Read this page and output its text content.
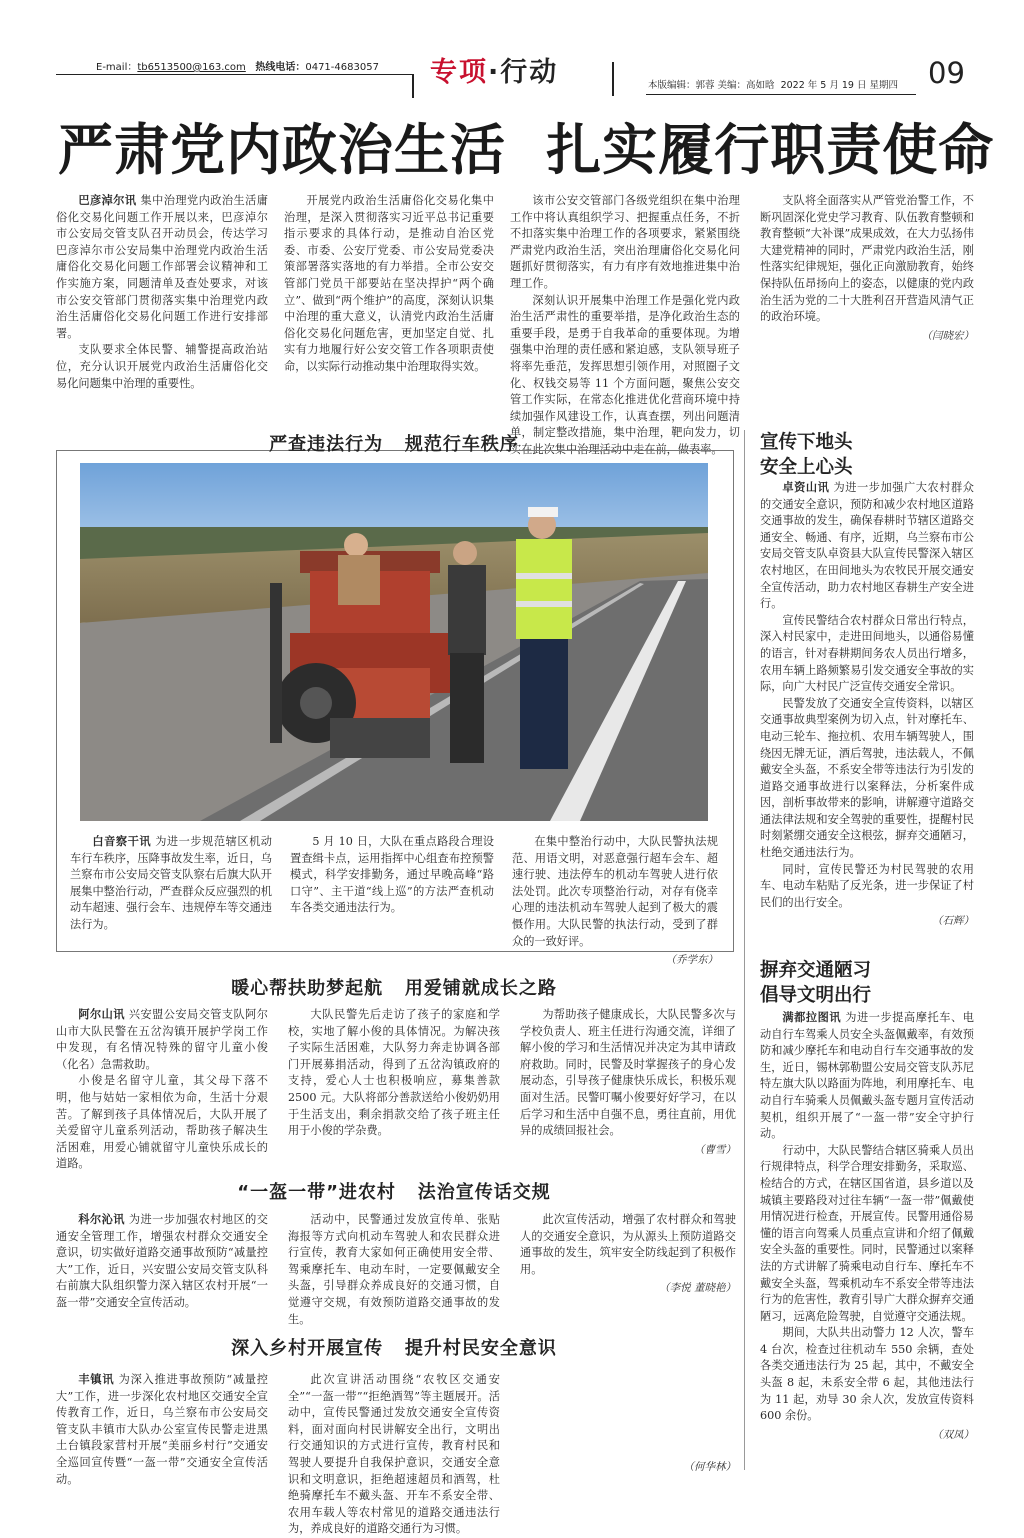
E-mail：tb6513500@163.com 热线电话：0471-4683057 专项·行动	本版编辑：郭蓉 美编：高如晗 2022 年 5 月 19 日 星期四 09
严肃党内政治生活  扎实履行职责使命

巴彦淖尔讯 集中治理党内政治生活庸俗化交易化问题工作开展以来，巴彦淖尔市公安局交管支队召开动员会，传达学习巴彦淖尔市公安局集中治理党内政治生活庸俗化交易化问题工作部署会议精神和工作实施方案，同题清单及查处要求，对该市公安交管部门贯彻落实集中治理党内政治生活庸俗化交易化问题工作进行安排部署。

支队要求全体民警、辅警提高政治站位，充分认识开展党内政治生活庸俗化交易化问题集中治理的重要性。

开展党内政治生活庸俗化交易化集中治理，是深入贯彻落实习近平总书记重要指示要求的具体行动，是推动自治区党委、市委、公安厅党委、市公安局党委决策部署落实落地的有力举措。全市公安交管部门党员干部要站在坚决捍护“两个确立”、做到“两个维护”的高度，深刻认识集中治理的重大意义，认清党内政治生活庸俗化交易化问题危害，更加坚定自觉、扎实有力地履行好公安交管工作各项职责使命，以实际行动推动集中治理取得实效。

该市公安交管部门各级党组织在集中治理工作中将认真组织学习、把握重点任务，不折不扣落实集中治理工作的各项要求，紧紧围绕严肃党内政治生活，突出治理庸俗化交易化问题抓好贯彻落实，有力有序有效地推进集中治理工作。

深刻认识开展集中治理工作是强化党内政治生活严肃性的重要举措，是净化政治生态的重要手段，是勇于自我革命的重要体现。为增强集中治理的责任感和紧迫感，支队领导班子将率先垂范，发挥思想引领作用，对照圈子文化、权钱交易等 11 个方面问题，聚焦公安交管工作实际，在常态化推进优化营商环境中持续加强作风建设工作，认真查摆，列出问题清单，制定整改措施，集中治理，靶向发力，切实在此次集中治理活动中走在前，做表率。

支队将全面落实从严管党治警工作，不断巩固深化党史学习教育、队伍教育整顿和教育整顿“大补课”成果成效，在大力弘扬伟大建党精神的同时，严肃党内政治生活，刚性落实纪律规矩，强化正向激励教育，始终保持队伍昂扬向上的姿态，以健康的党内政治生活为党的二十大胜利召开营造风清气正的政治环境。

（闫晓宏）
严查违法行为   规范行车秩序

白音察干讯 为进一步规范辖区机动车行车秩序，压降事故发生率，近日，乌兰察布市公安局交管支队察右后旗大队开展集中整治行动，严查群众反应强烈的机动车超速、强行会车、违规停车等交通违法行为。

5 月 10 日，大队在重点路段合理设置查缉卡点，运用指挥中心组查布控预警模式，科学安排勤务，通过早晚高峰“路口守”、主干道“线上巡”的方法严查机动车各类交通违法行为。

在集中整治行动中，大队民警执法规范、用语文明，对恶意强行超车会车、超速行驶、违法停车的机动车驾驶人进行依法处罚。此次专项整治行动，对存有侥幸心理的违法机动车驾驶人起到了极大的震慑作用。大队民警的执法行动，受到了群众的一致好评。

（乔学东）
宣传下地头
安全上心头

卓资山讯 为进一步加强广大农村群众的交通安全意识，预防和减少农村地区道路交通事故的发生，确保春耕时节辖区道路交通安全、畅通、有序，近期，乌兰察布市公安局交管支队卓资县大队宣传民警深入辖区农村地区，在田间地头为农牧民开展交通安全宣传活动，助力农村地区春耕生产安全进行。

宣传民警结合农村群众日常出行特点，深入村民家中，走进田间地头，以通俗易懂的语言，针对春耕期间务农人员出行增多，农用车辆上路频繁易引发交通安全事故的实际，向广大村民广泛宣传交通安全常识。

民警发放了交通安全宣传资料，以辖区交通事故典型案例为切入点，针对摩托车、电动三轮车、拖拉机、农用车辆驾驶人，围绕因无牌无证，酒后驾驶，违法载人，不佩戴安全头盔，不系安全带等违法行为引发的道路交通事故进行以案释法，分析案件成因，剖析事故带来的影响，讲解遵守道路交通法律法规和安全驾驶的重要性，提醒村民时刻紧绷交通安全这根弦，摒弃交通陋习，杜绝交通违法行为。

同时，宣传民警还为村民驾驶的农用车、电动车粘贴了反光条，进一步保证了村民们的出行安全。

（石辉）
摒弃交通陋习
倡导文明出行

满都拉图讯 为进一步提高摩托车、电动自行车驾乘人员安全头盔佩戴率，有效预防和减少摩托车和电动自行车交通事故的发生，近日，锡林郭勒盟公安局交管支队苏尼特左旗大队以路面为阵地，利用摩托车、电动自行车骑乘人员佩戴头盔专题月宣传活动契机，组织开展了“一盔一带”安全守护行动。

行动中，大队民警结合辖区骑乘人员出行规律特点，科学合理安排勤务，采取巡、检结合的方式，在辖区国省道，县乡道以及城镇主要路段对过往车辆“一盔一带”佩戴使用情况进行检查，开展宣传。民警用通俗易懂的语言向驾乘人员重点宣讲和介绍了佩戴安全头盔的重要性。同时，民警通过以案释法的方式讲解了骑乘电动自行车、摩托车不戴安全头盔，驾乘机动车不系安全带等违法行为的危害性，教育引导广大群众摒弃交通陋习，远离危险驾驶，自觉遵守交通法规。

期间，大队共出动警力 12 人次，警车 4 台次，检查过往机动车 550 余辆，查处各类交通违法行为 25 起，其中，不戴安全头盔 8 起，未系安全带 6 起，其他违法行为 11 起，劝导 30 余人次，发放宣传资料 600 余份。

（双凤）
暖心帮扶助梦起航   用爱铺就成长之路

阿尔山讯 兴安盟公安局交管支队阿尔山市大队民警在五岔沟镇开展护学岗工作中发现，有名情况特殊的留守儿童小俊（化名）急需救助。

小俊是名留守儿童，其父母下落不明，他与姑姑一家相依为命，生活十分艰苦。了解到孩子具体情况后，大队开展了关爱留守儿童系列活动，帮助孩子解决生活困难，用爱心铺就留守儿童快乐成长的道路。

大队民警先后走访了孩子的家庭和学校，实地了解小俊的具体情况。为解决孩子实际生活困难，大队努力奔走协调各部门开展募捐活动，得到了五岔沟镇政府的支持，爱心人士也积极响应，募集善款 2500 元。大队将部分善款送给小俊奶奶用于生活支出，剩余捐款交给了孩子班主任用于小俊的学杂费。

为帮助孩子健康成长，大队民警多次与学校负责人、班主任进行沟通交流，详细了解小俊的学习和生活情况并决定为其申请政府救助。同时，民警及时掌握孩子的身心发展动态，引导孩子健康快乐成长，积极乐观面对生活。民警叮嘱小俊要好好学习，在以后学习和生活中自强不息，勇往直前，用优异的成绩回报社会。

（曹雪）
“一盔一带”进农村   法治宣传话交规

科尔沁讯 为进一步加强农村地区的交通安全管理工作，增强农村群众交通安全意识，切实做好道路交通事故预防“减量控大”工作，近日，兴安盟公安局交管支队科右前旗大队组织警力深入辖区农村开展“一盔一带”交通安全宣传活动。

活动中，民警通过发放宣传单、张贴海报等方式向机动车驾驶人和农民群众进行宣传，教育大家如何正确使用安全带、驾乘摩托车、电动车时，一定要佩戴安全头盔，引导群众养成良好的交通习惯，自觉遵守交规，有效预防道路交通事故的发生。

此次宣传活动，增强了农村群众和驾驶人的交通安全意识，为从源头上预防道路交通事故的发生，筑牢安全防线起到了积极作用。

（李悦 董晓艳）
深入乡村开展宣传   提升村民安全意识

丰镇讯 为深入推进事故预防“减量控大”工作，进一步深化农村地区交通安全宣传教育工作，近日，乌兰察布市公安局交管支队丰镇市大队办公室宣传民警走进黑土台镇段家营村开展“美丽乡村行”交通安全巡回宣传暨“一盔一带”交通安全宣传活动。

此次宣讲活动围绕“农牧区交通安全”“一盔一带”“拒绝酒驾”等主题展开。活动中，宣传民警通过发放交通安全宣传资料，面对面向村民讲解安全出行，文明出行交通知识的方式进行宣传，教育村民和驾驶人要提升自我保护意识，交通安全意识和文明意识，拒绝超速超员和酒驾，杜绝骑摩托车不戴头盔、开车不系安全带、农用车载人等农村常见的道路交通违法行为，养成良好的道路交通行为习惯。

（何华林）
